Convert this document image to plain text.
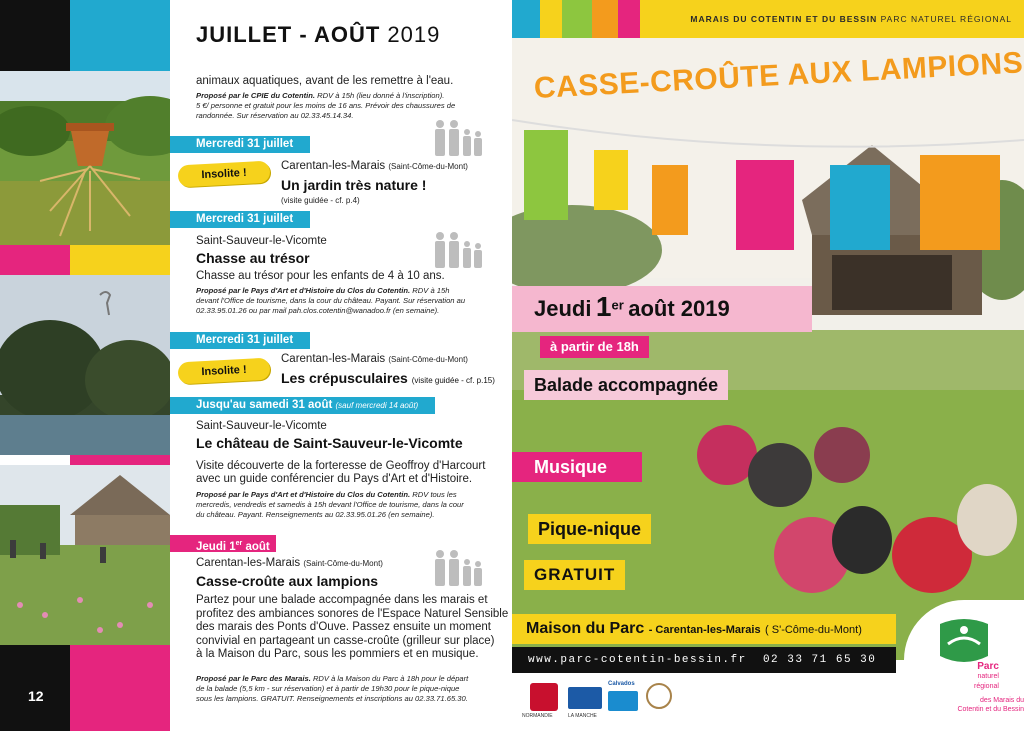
12
JUILLET - AOÛT 2019
animaux aquatiques, avant de les remettre à l'eau.
Proposé par le CPIE du Cotentin. RDV à 15h (lieu donné à l'inscription).
5 €/ personne et gratuit pour les moins de 16 ans. Prévoir des chaussures de
randonnée. Sur réservation au 02.33.45.14.34.
Mercredi 31 juillet
Insolite !
Carentan-les-Marais (Saint-Côme-du-Mont)
Un jardin très nature !
(visite guidée - cf. p.4)
Mercredi 31 juillet
Saint-Sauveur-le-Vicomte
Chasse au trésor
Chasse au trésor pour les enfants de 4 à 10 ans.
Proposé par le Pays d'Art et d'Histoire du Clos du Cotentin. RDV à 15h
devant l'Office de tourisme, dans la cour du château. Payant. Sur réservation au
02.33.95.01.26 ou par mail pah.clos.cotentin@wanadoo.fr (en semaine).
Mercredi 31 juillet
Insolite !
Carentan-les-Marais (Saint-Côme-du-Mont)
Les crépusculaires (visite guidée - cf. p.15)
Jusqu'au samedi 31 août (sauf mercredi 14 août)
Saint-Sauveur-le-Vicomte
Le château de Saint-Sauveur-le-Vicomte
Visite découverte de la forteresse de Geoffroy d'Harcourt
avec un guide conférencier du Pays d'Art et d'Histoire.
Proposé par le Pays d'Art et d'Histoire du Clos du Cotentin. RDV tous les
mercredis, vendredis et samedis à 15h devant l'Office de tourisme, dans la cour
du château. Payant. Renseignements au 02.33.95.01.26 (en semaine).
Jeudi 1er août
Carentan-les-Marais (Saint-Côme-du-Mont)
Casse-croûte aux lampions
Partez pour une balade accompagnée dans les marais et
profitez des ambiances sonores de l'Espace Naturel Sensible
des marais des Ponts d'Ouve. Passez ensuite un moment
convivial en partageant un casse-croûte (grilleur sur place)
à la Maison du Parc, sous les pommiers et en musique.
Proposé par le Parc des Marais. RDV à la Maison du Parc à 18h pour le départ
de la balade (5,5 km - sur réservation) et à partir de 19h30 pour le pique-nique
sous les lampions. GRATUIT. Renseignements et inscriptions au 02.33.71.65.30.
MARAIS DU COTENTIN ET DU BESSIN PARC NATUREL RÉGIONAL
CASSE-CROÛTE AUX LAMPIONS
Jeudi 1er août 2019
à partir de 18h
Balade accompagnée
Musique
Pique-nique
GRATUIT
Maison du Parc - Carentan-les-Marais ( S'-Côme-du-Mont)
www.parc-cotentin-bessin.fr 02 33 71 65 30
NORMANDIE	LA MANCHE
Calvados
Parc
naturel
régional
des Marais du
Cotentin et du Bessin
